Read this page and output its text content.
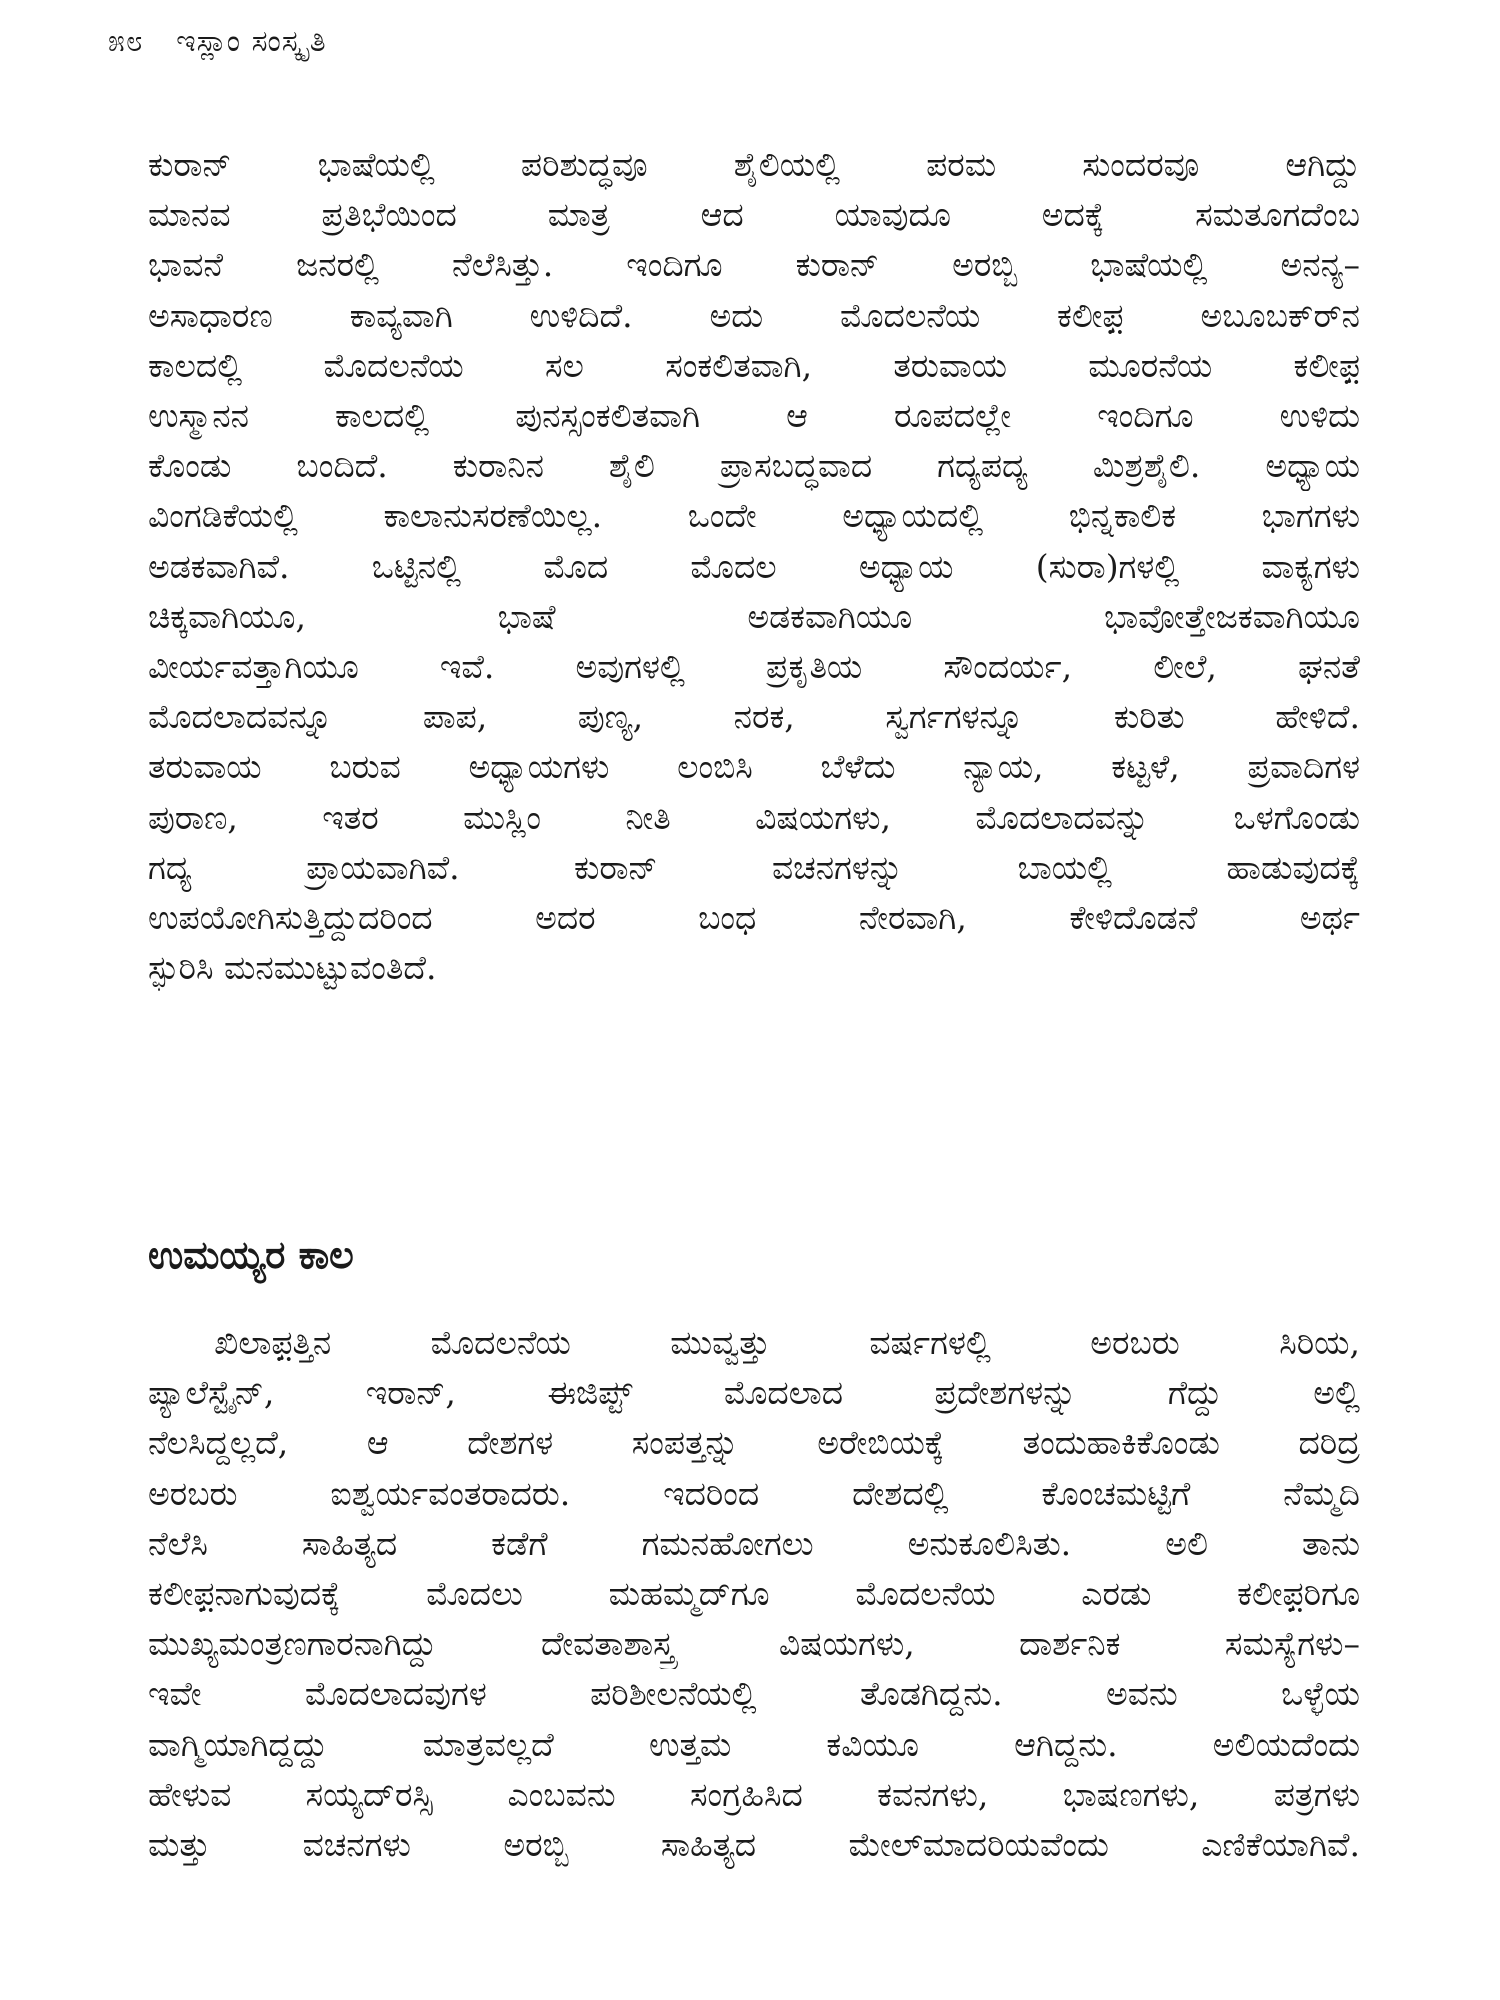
೫೮ ಇಸ್ಲಾಂ ಸಂಸ್ಕೃತಿ
ಕುರಾನ್ ಭಾಷೆಯಲ್ಲಿ ಪರಿಶುದ್ಧವೂ ಶೈಲಿಯಲ್ಲಿ ಪರಮ ಸುಂದರವೂ ಆಗಿದ್ದು
ಮಾನವ ಪ್ರತಿಭೆಯಿಂದ ಮಾತ್ರ ಆದ ಯಾವುದೂ ಅದಕ್ಕೆ ಸಮತೂಗದೆಂಬ
ಭಾವನೆ ಜನರಲ್ಲಿ ನೆಲೆಸಿತ್ತು. ಇಂದಿಗೂ ಕುರಾನ್ ಅರಬ್ಬಿ ಭಾಷೆಯಲ್ಲಿ ಅನನ್ಯ–
ಅಸಾಧಾರಣ ಕಾವ್ಯವಾಗಿ ಉಳಿದಿದೆ. ಅದು ಮೊದಲನೆಯ ಕಲೀಫ಼ ಅಬೂಬಕ್‌ರ್‌ನ
ಕಾಲದಲ್ಲಿ ಮೊದಲನೆಯ ಸಲ ಸಂಕಲಿತವಾಗಿ, ತರುವಾಯ ಮೂರನೆಯ ಕಲೀಫ಼
ಉಸ್ಮಾನನ ಕಾಲದಲ್ಲಿ ಪುನಸ್ಸಂಕಲಿತವಾಗಿ ಆ ರೂಪದಲ್ಲೇ ಇಂದಿಗೂ ಉಳಿದು
ಕೊಂಡು ಬಂದಿದೆ. ಕುರಾನಿನ ಶೈಲಿ ಪ್ರಾಸಬದ್ಧವಾದ ಗದ್ಯಪದ್ಯ ಮಿಶ್ರಶೈಲಿ. ಅಧ್ಯಾಯ
ವಿಂಗಡಿಕೆಯಲ್ಲಿ ಕಾಲಾನುಸರಣೆಯಿಲ್ಲ. ಒಂದೇ ಅಧ್ಯಾಯದಲ್ಲಿ ಭಿನ್ನಕಾಲಿಕ ಭಾಗಗಳು
ಅಡಕವಾಗಿವೆ. ಒಟ್ಟಿನಲ್ಲಿ ಮೊದ ಮೊದಲ ಅಧ್ಯಾಯ (ಸುರಾ)ಗಳಲ್ಲಿ ವಾಕ್ಯಗಳು
ಚಿಕ್ಕವಾಗಿಯೂ, ಭಾಷೆ ಅಡಕವಾಗಿಯೂ ಭಾವೋತ್ತೇಜಕವಾಗಿಯೂ
ವೀರ್ಯವತ್ತಾಗಿಯೂ ಇವೆ. ಅವುಗಳಲ್ಲಿ ಪ್ರಕೃತಿಯ ಸೌಂದರ್ಯ, ಲೀಲೆ, ಘನತೆ
ಮೊದಲಾದವನ್ನೂ ಪಾಪ, ಪುಣ್ಯ, ನರಕ, ಸ್ವರ್ಗಗಳನ್ನೂ ಕುರಿತು ಹೇಳಿದೆ.
ತರುವಾಯ ಬರುವ ಅಧ್ಯಾಯಗಳು ಲಂಬಿಸಿ ಬೆಳೆದು ನ್ಯಾಯ, ಕಟ್ಟಳೆ, ಪ್ರವಾದಿಗಳ
ಪುರಾಣ, ಇತರ ಮುಸ್ಲಿಂ ನೀತಿ ವಿಷಯಗಳು, ಮೊದಲಾದವನ್ನು ಒಳಗೊಂಡು
ಗದ್ಯ ಪ್ರಾಯವಾಗಿವೆ. ಕುರಾನ್ ವಚನಗಳನ್ನು ಬಾಯಲ್ಲಿ ಹಾಡುವುದಕ್ಕೆ
ಉಪಯೋಗಿಸುತ್ತಿದ್ದುದರಿಂದ ಅದರ ಬಂಧ ನೇರವಾಗಿ, ಕೇಳಿದೊಡನೆ ಅರ್ಥ
ಸ್ಫುರಿಸಿ ಮನಮುಟ್ಟುವಂತಿದೆ.
ಉಮಯ್ಯರ ಕಾಲ
ಖಿಲಾಫ಼ತ್ತಿನ ಮೊದಲನೆಯ ಮುವ್ವತ್ತು ವರ್ಷಗಳಲ್ಲಿ ಅರಬರು ಸಿರಿಯ,
ಪ್ಯಾಲೆಸ್ಟೈನ್, ಇರಾನ್, ಈಜಿಪ್ಟ್ ಮೊದಲಾದ ಪ್ರದೇಶಗಳನ್ನು ಗೆದ್ದು ಅಲ್ಲಿ
ನೆಲಸಿದ್ದಲ್ಲದೆ, ಆ ದೇಶಗಳ ಸಂಪತ್ತನ್ನು ಅರೇಬಿಯಕ್ಕೆ ತಂದುಹಾಕಿಕೊಂಡು ದರಿದ್ರ
ಅರಬರು ಐಶ್ವರ್ಯವಂತರಾದರು. ಇದರಿಂದ ದೇಶದಲ್ಲಿ ಕೊಂಚಮಟ್ಟಿಗೆ ನೆಮ್ಮದಿ
ನೆಲೆಸಿ ಸಾಹಿತ್ಯದ ಕಡೆಗೆ ಗಮನಹೋಗಲು ಅನುಕೂಲಿಸಿತು. ಅಲಿ ತಾನು
ಕಲೀಫ಼ನಾಗುವುದಕ್ಕೆ ಮೊದಲು ಮಹಮ್ಮದ್‌ಗೂ ಮೊದಲನೆಯ ಎರಡು ಕಲೀಫ಼ರಿಗೂ
ಮುಖ್ಯಮಂತ್ರಣಗಾರನಾಗಿದ್ದು ದೇವತಾಶಾಸ್ತ್ರ ವಿಷಯಗಳು, ದಾರ್ಶನಿಕ ಸಮಸ್ಯೆಗಳು–
ಇವೇ ಮೊದಲಾದವುಗಳ ಪರಿಶೀಲನೆಯಲ್ಲಿ ತೊಡಗಿದ್ದನು. ಅವನು ಒಳ್ಳೆಯ
ವಾಗ್ಮಿಯಾಗಿದ್ದದ್ದು ಮಾತ್ರವಲ್ಲದೆ ಉತ್ತಮ ಕವಿಯೂ ಆಗಿದ್ದನು. ಅಲಿಯದೆಂದು
ಹೇಳುವ ಸಯ್ಯದ್‌ರಸ್ಸಿ ಎಂಬವನು ಸಂಗ್ರಹಿಸಿದ ಕವನಗಳು, ಭಾಷಣಗಳು, ಪತ್ರಗಳು
ಮತ್ತು ವಚನಗಳು ಅರಬ್ಬಿ ಸಾಹಿತ್ಯದ ಮೇಲ್‌ಮಾದರಿಯವೆಂದು ಎಣಿಕೆಯಾಗಿವೆ.
